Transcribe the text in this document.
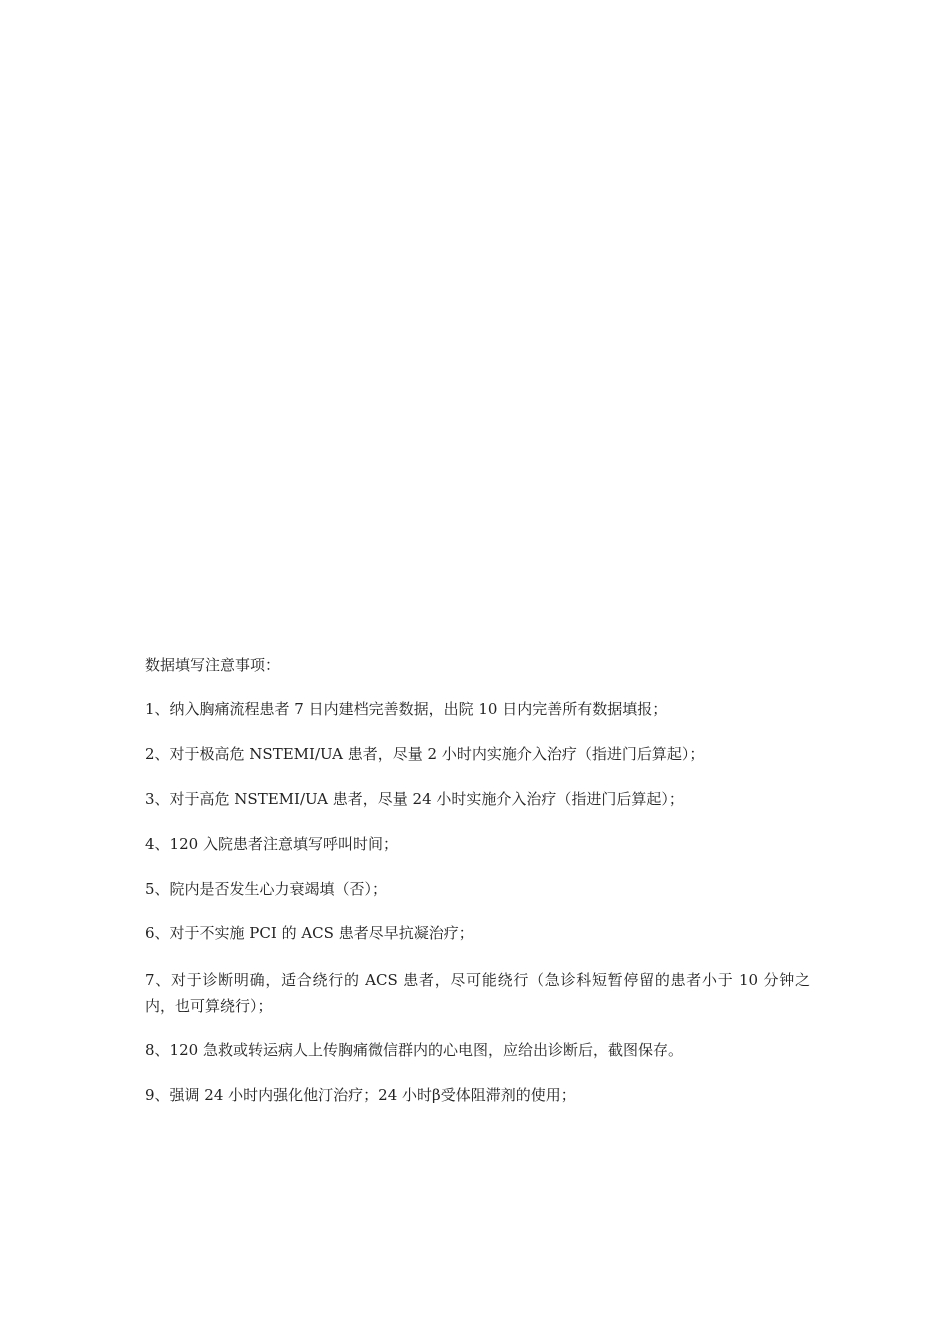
数据填写注意事项：
1、纳入胸痛流程患者 7 日内建档完善数据，出院 10 日内完善所有数据填报；
2、对于极高危 NSTEMI/UA 患者，尽量 2 小时内实施介入治疗（指进门后算起）；
3、对于高危 NSTEMI/UA 患者，尽量 24 小时实施介入治疗（指进门后算起）；
4、120 入院患者注意填写呼叫时间；
5、院内是否发生心力衰竭填（否）；
6、对于不实施 PCI 的 ACS 患者尽早抗凝治疗；
7、对于诊断明确，适合绕行的 ACS 患者，尽可能绕行（急诊科短暂停留的患者小于 10 分钟之内，也可算绕行）；
8、120 急救或转运病人上传胸痛微信群内的心电图，应给出诊断后，截图保存。
9、强调 24 小时内强化他汀治疗；24 小时β受体阻滞剂的使用；
